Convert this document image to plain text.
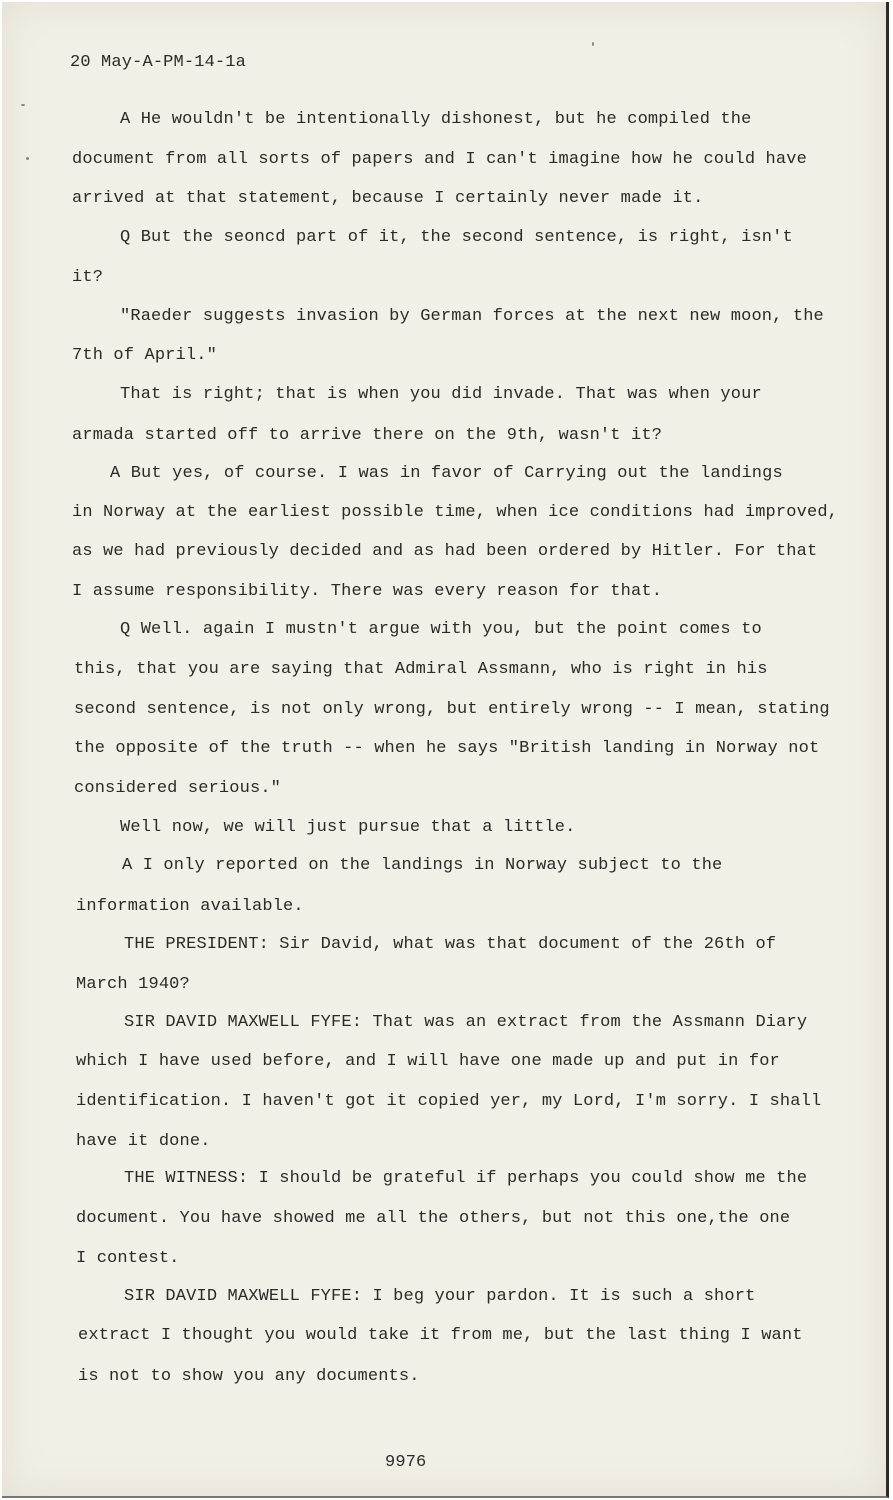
20 May-A-PM-14-1a
A He wouldn't be intentionally dishonest, but he compiled the
document from all sorts of papers and I can't imagine how he could have
arrived at that statement, because I certainly never made it.
Q But the seoncd part of it, the second sentence, is right, isn't
it?
"Raeder suggests invasion by German forces at the next new moon, the
7th of April."
That is right; that is when you did invade. That was when your
armada started off to arrive there on the 9th, wasn't it?
A But yes, of course. I was in favor of Carrying out the landings
in Norway at the earliest possible time, when ice conditions had improved,
as we had previously decided and as had been ordered by Hitler. For that
I assume responsibility. There was every reason for that.
Q Well. again I mustn't argue with you, but the point comes to
this, that you are saying that Admiral Assmann, who is right in his
second sentence, is not only wrong, but entirely wrong -- I mean, stating
the opposite of the truth -- when he says "British landing in Norway not
considered serious."
Well now, we will just pursue that a little.
A I only reported on the landings in Norway subject to the
information available.
THE PRESIDENT: Sir David, what was that document of the 26th of
March 1940?
SIR DAVID MAXWELL FYFE: That was an extract from the Assmann Diary
which I have used before, and I will have one made up and put in for
identification. I haven't got it copied yer, my Lord, I'm sorry. I shall
have it done.
THE WITNESS: I should be grateful if perhaps you could show me the
document. You have showed me all the others, but not this one,the one
I contest.
SIR DAVID MAXWELL FYFE: I beg your pardon. It is such a short
extract I thought you would take it from me, but the last thing I want
is not to show you any documents.
9976
